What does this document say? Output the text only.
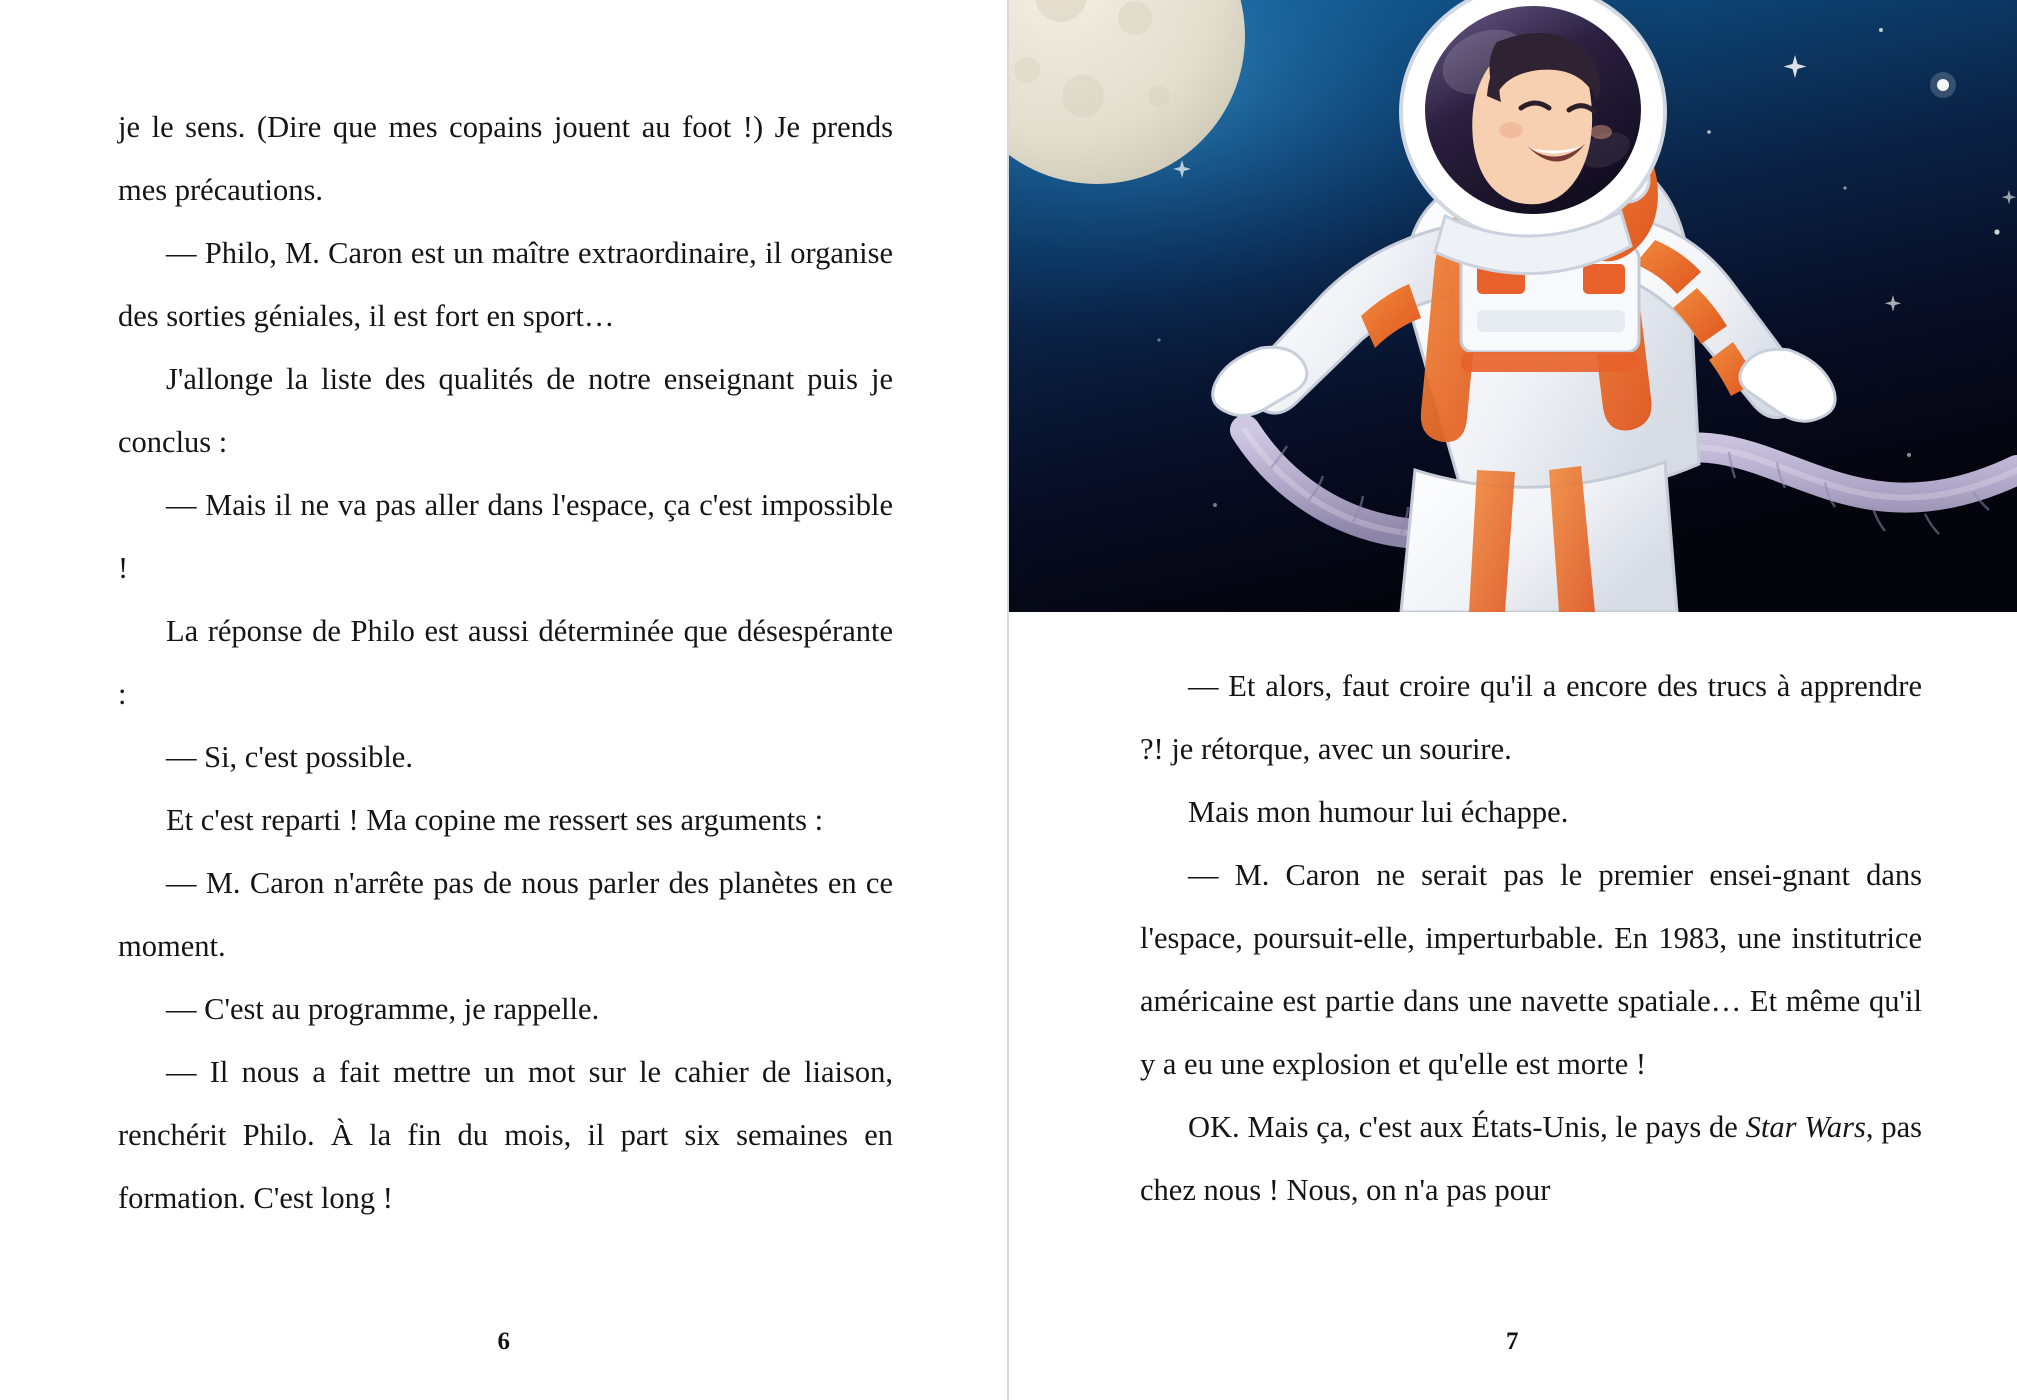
je le sens. (Dire que mes copains jouent au foot !) Je prends mes précautions.

— Philo, M. Caron est un maître extraordinaire, il organise des sorties géniales, il est fort en sport…

J'allonge la liste des qualités de notre enseignant puis je conclus :

— Mais il ne va pas aller dans l'espace, ça c'est impossible !

La réponse de Philo est aussi déterminée que désespérante :

— Si, c'est possible.

Et c'est reparti ! Ma copine me ressert ses arguments :

— M. Caron n'arrête pas de nous parler des planètes en ce moment.

— C'est au programme, je rappelle.

— Il nous a fait mettre un mot sur le cahier de liaison, renchérit Philo. À la fin du mois, il part six semaines en formation. C'est long !

6

— Et alors, faut croire qu'il a encore des trucs à apprendre ?! je rétorque, avec un sourire.

Mais mon humour lui échappe.

— M. Caron ne serait pas le premier ensei-gnant dans l'espace, poursuit-elle, imperturbable. En 1983, une institutrice américaine est partie dans une navette spatiale… Et même qu'il y a eu une explosion et qu'elle est morte !

OK. Mais ça, c'est aux États-Unis, le pays de Star Wars, pas chez nous ! Nous, on n'a pas pour

7
